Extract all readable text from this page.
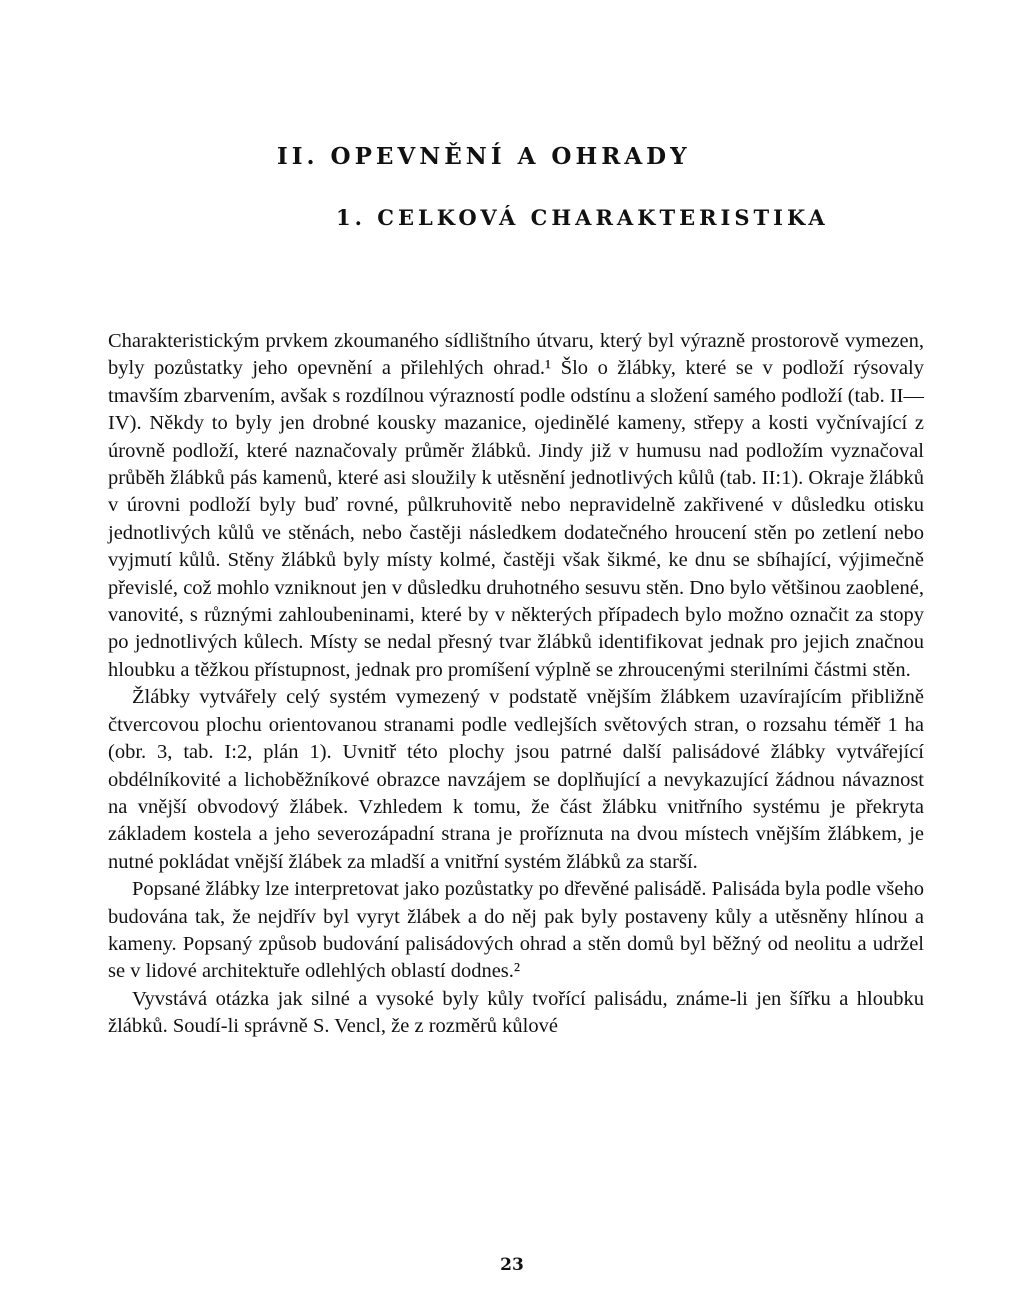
II. OPEVNĚNÍ A OHRADY
1. CELKOVÁ CHARAKTERISTIKA

Charakteristickým prvkem zkoumaného sídlištního útvaru, který byl výrazně prostorově vymezen, byly pozůstatky jeho opevnění a přilehlých ohrad.¹ Šlo o žlábky, které se v podloží rýsovaly tmavším zbarvením, avšak s rozdílnou výrazností podle odstínu a složení samého podloží (tab. II—IV). Někdy to byly jen drobné kousky mazanice, ojedinělé kameny, střepy a kosti vyčnívající z úrovně podloží, které naznačovaly průměr žlábků. Jindy již v humusu nad podložím vyznačoval průběh žlábků pás kamenů, které asi sloužily k utěsnění jednotlivých kůlů (tab. II:1). Okraje žlábků v úrovni podloží byly buď rovné, půlkruhovitě nebo nepravidelně zakřivené v důsledku otisku jednotlivých kůlů ve stěnách, nebo častěji následkem dodatečného hroucení stěn po zetlení nebo vyjmutí kůlů. Stěny žlábků byly místy kolmé, častěji však šikmé, ke dnu se sbíhající, výjimečně převislé, což mohlo vzniknout jen v důsledku druhotného sesuvu stěn. Dno bylo většinou zaoblené, vanovité, s různými zahloubeninami, které by v některých případech bylo možno označit za stopy po jednotlivých kůlech. Místy se nedal přesný tvar žlábků identifikovat jednak pro jejich značnou hloubku a těžkou přístupnost, jednak pro promíšení výplně se zhroucenými sterilními částmi stěn.

Žlábky vytvářely celý systém vymezený v podstatě vnějším žlábkem uzavírajícím přibližně čtvercovou plochu orientovanou stranami podle vedlejších světových stran, o rozsahu téměř 1 ha (obr. 3, tab. I:2, plán 1). Uvnitř této plochy jsou patrné další palisádové žlábky vytvářející obdélníkovité a lichoběžníkové obrazce navzájem se doplňující a nevykazující žádnou návaznost na vnější obvodový žlábek. Vzhledem k tomu, že část žlábku vnitřního systému je překryta základem kostela a jeho severozápadní strana je proříznuta na dvou místech vnějším žlábkem, je nutné pokládat vnější žlábek za mladší a vnitřní systém žlábků za starší.

Popsané žlábky lze interpretovat jako pozůstatky po dřevěné palisádě. Palisáda byla podle všeho budována tak, že nejdřív byl vyryt žlábek a do něj pak byly postaveny kůly a utěsněny hlínou a kameny. Popsaný způsob budování palisádových ohrad a stěn domů byl běžný od neolitu a udržel se v lidové architektuře odlehlých oblastí dodnes.²

Vyvstává otázka jak silné a vysoké byly kůly tvořící palisádu, známe-li jen šířku a hloubku žlábků. Soudí-li správně S. Vencl, že z rozměrů kůlové

23
